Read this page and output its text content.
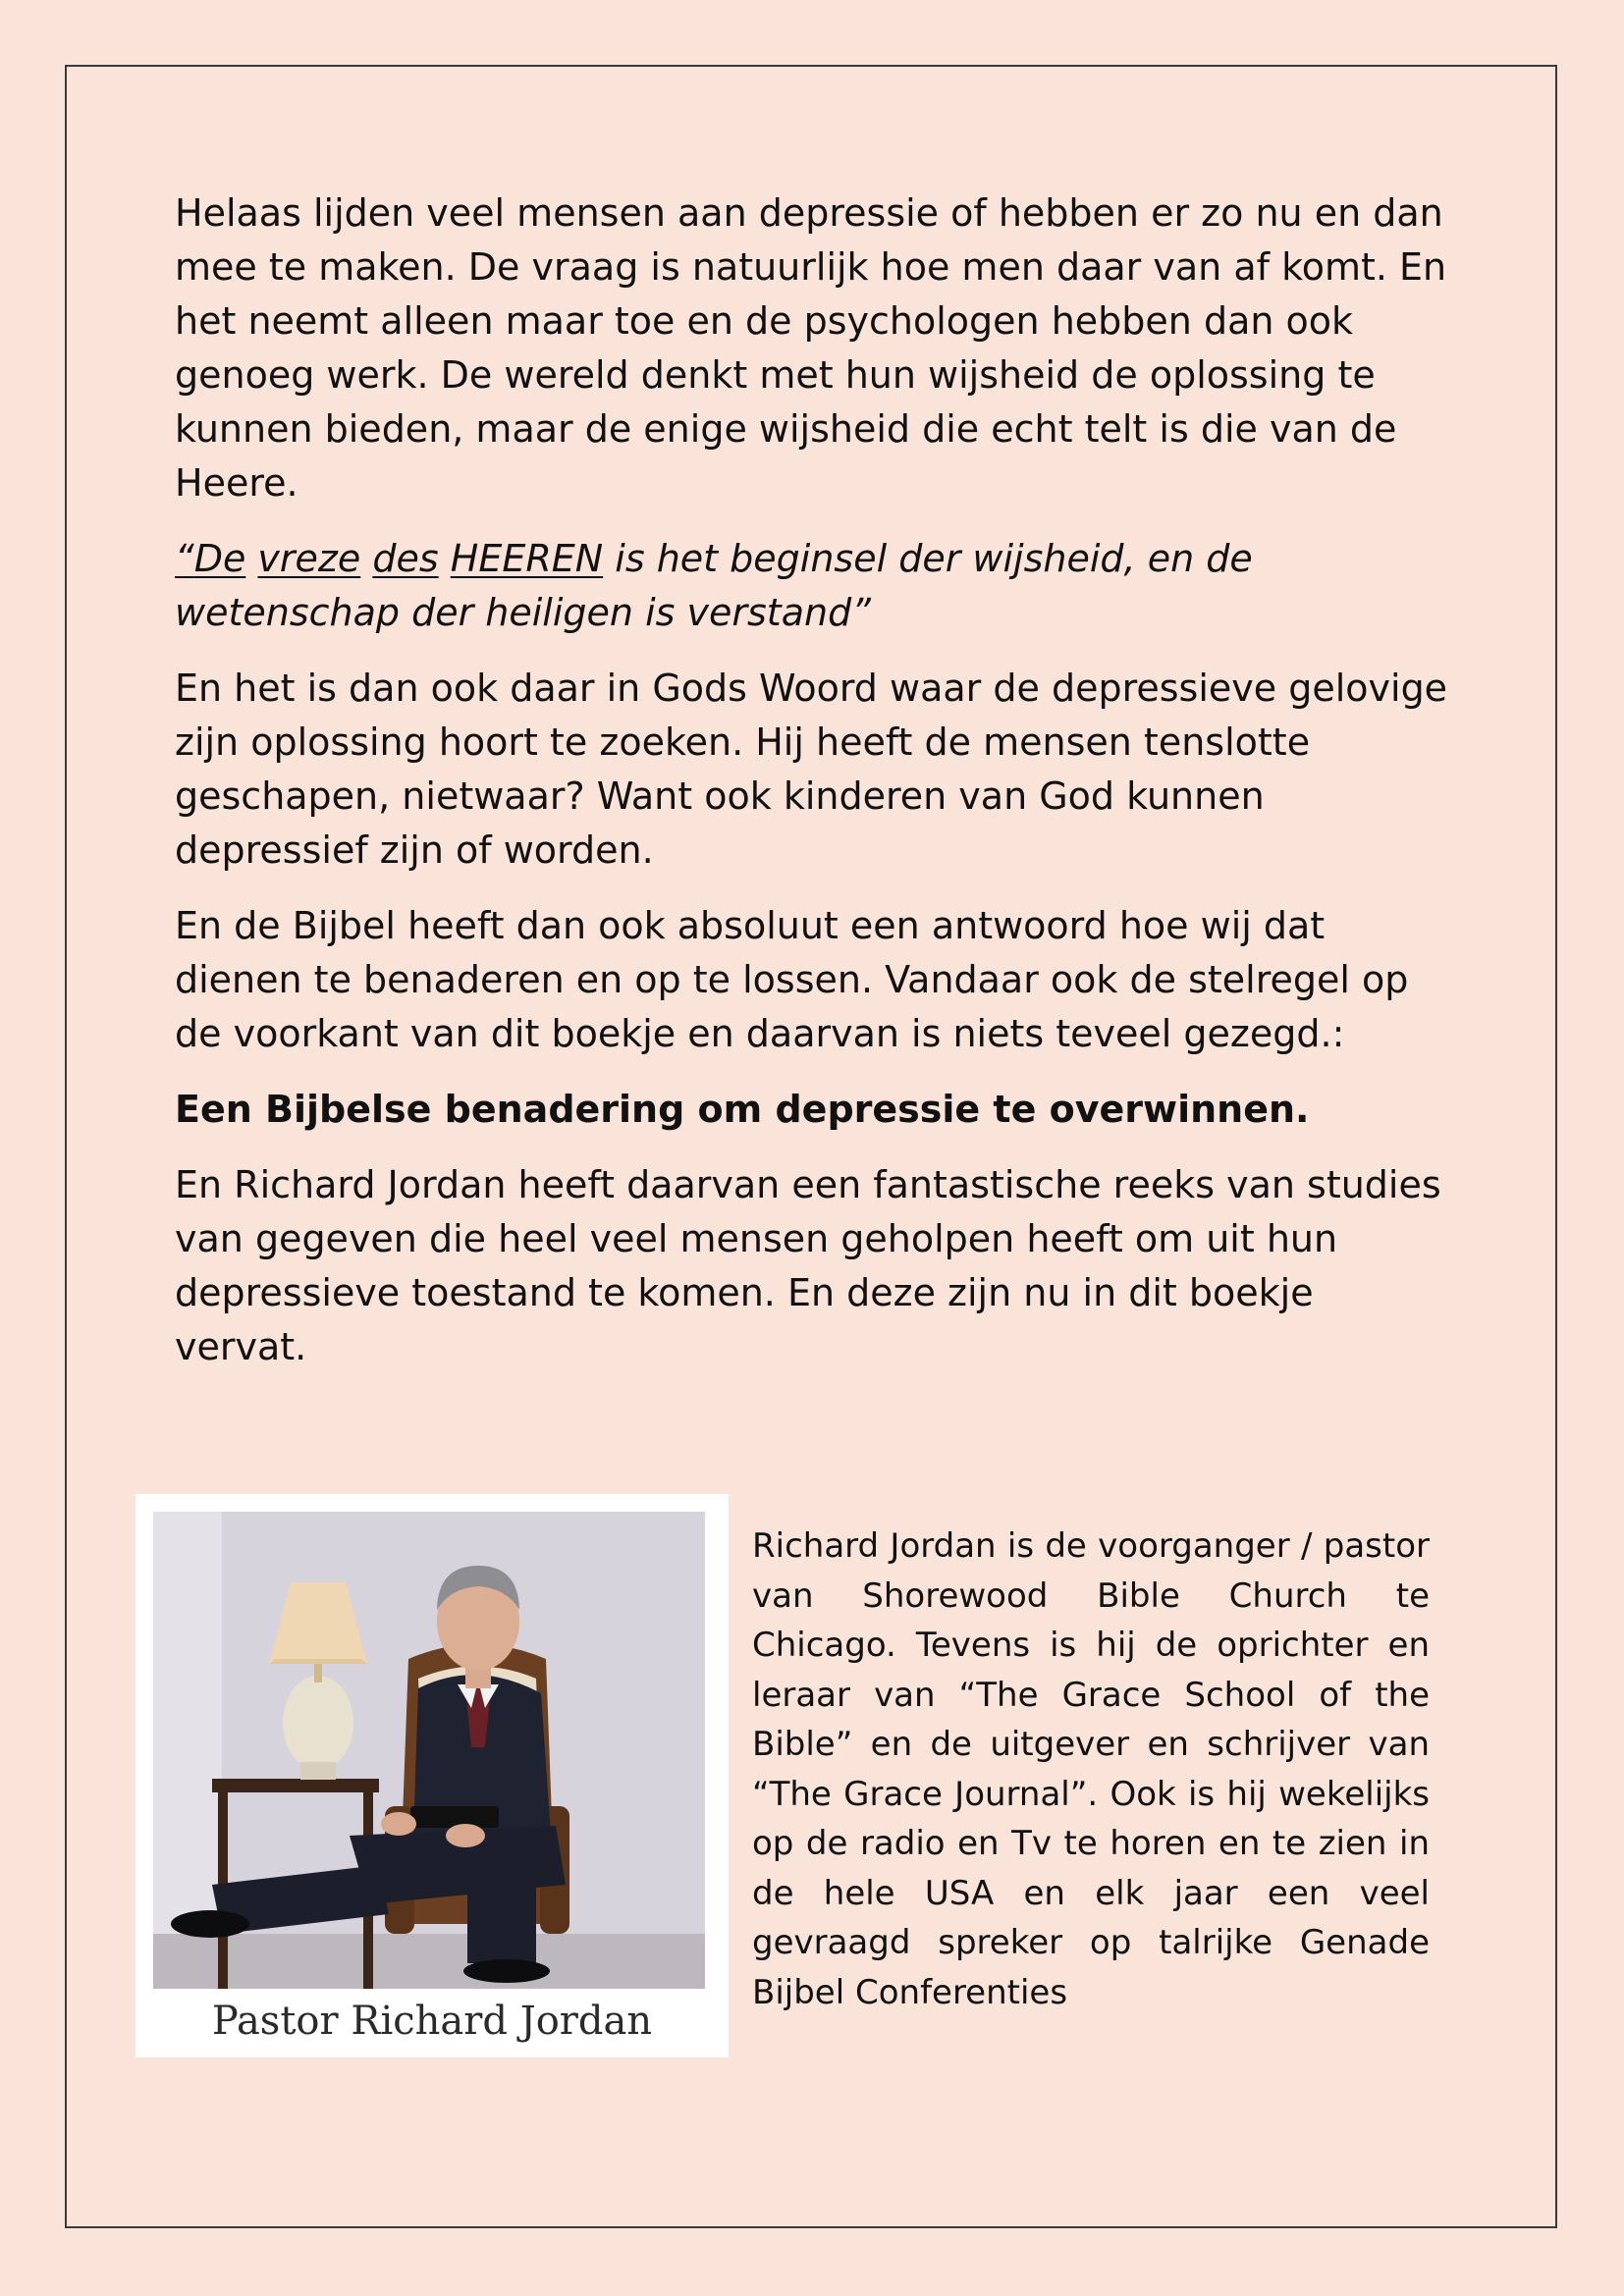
Helaas lijden veel mensen aan depressie of hebben er zo nu en dan mee te maken. De vraag is natuurlijk hoe men daar van af komt. En het neemt alleen maar toe en de psychologen hebben dan ook genoeg werk. De wereld denkt met hun wijsheid de oplossing te kunnen bieden, maar de enige wijsheid die echt telt is die van de Heere.

“De vreze des HEEREN is het beginsel der wijsheid, en de wetenschap der heiligen is verstand”

En het is dan ook daar in Gods Woord waar de depressieve gelovige zijn oplossing hoort te zoeken. Hij heeft de mensen tenslotte geschapen, nietwaar? Want ook kinderen van God kunnen depressief zijn of worden.

En de Bijbel heeft dan ook absoluut een antwoord hoe wij dat dienen te benaderen en op te lossen. Vandaar ook de stelregel op de voorkant van dit boekje en daarvan is niets teveel gezegd.:

Een Bijbelse benadering om depressie te overwinnen.

En Richard Jordan heeft daarvan een fantastische reeks van studies van gegeven die heel veel mensen geholpen heeft om uit hun depressieve toestand te komen. En deze zijn nu in dit boekje vervat.

Pastor Richard Jordan

Richard Jordan is de voorganger / pastor van Shorewood Bible Church te Chicago. Tevens is hij de oprichter en leraar van “The Grace School of the Bible” en de uitgever en schrijver van “The Grace Journal”. Ook is hij wekelijks op de radio en Tv te horen en te zien in de hele USA en elk jaar een veel gevraagd spreker op talrijke Genade Bijbel Conferenties
